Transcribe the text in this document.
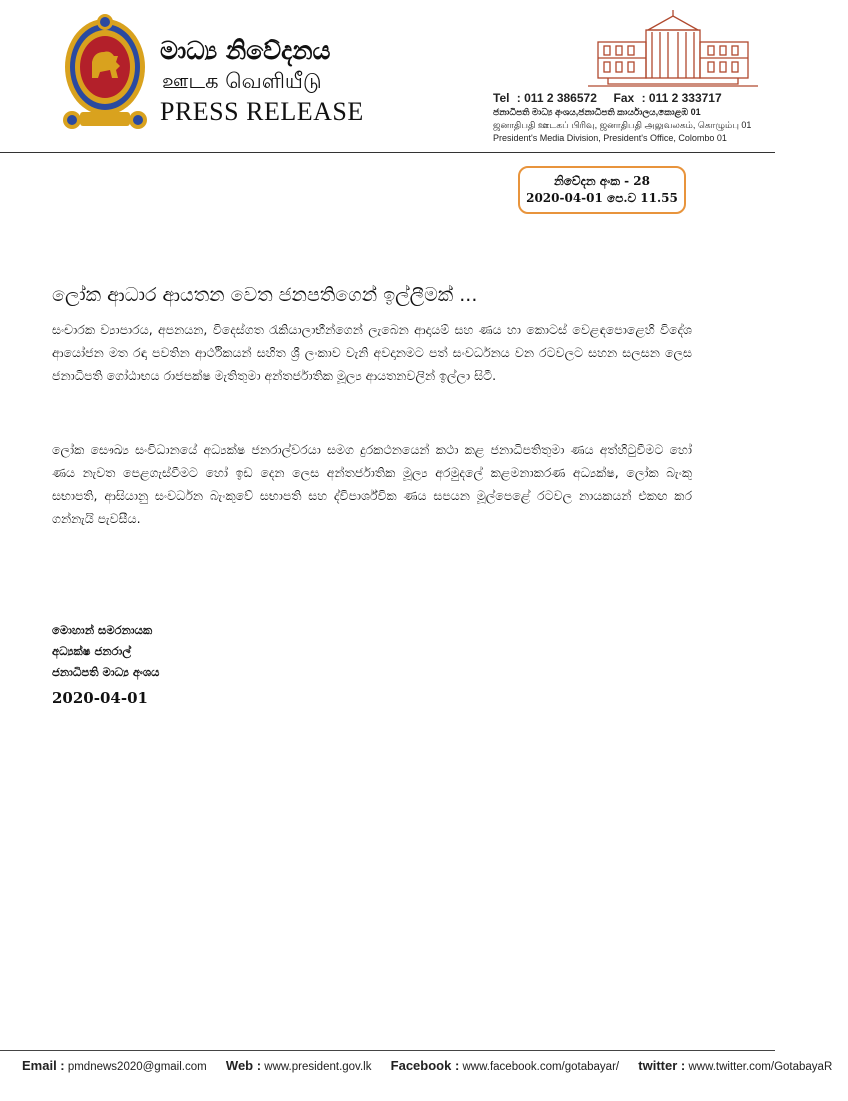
මාධ්‍ය නිවේදනය
ஊடக வெளியீடு
PRESS RELEASE	Tel : 011 2 386572 Fax : 011 2 333717
ජනාධිපති මාධ්‍ය අංශය,ජනාධිපති කාර්යාලය,කොළඹ 01
ஜனாதிபதி ஊடகப் பிரிவு, ஜனாதிபதி அலுவலகம், கொழும்பு 01
President's Media Division, President's Office, Colombo 01
නිවේදන අංක - 28
2020-04-01 පෙ.ව 11.55
ලෝක ආධාර ආයතන වෙත ජනපතිගෙන් ඉල්ලීමක් ...
සංචාරක ව්‍යාපාරය, අපනයන, විදෙස්ගත රැකියාලාභීන්ගෙන් ලැබෙන ආදායම් සහ ණය හා කොටස් වෙළඳපොළෙහි විදේශ ආයෝජන මත රඳා පවතින ආර්ථිකයන් සහිත ශ්‍රී ලංකාව වැනි අවදානමට පත් සංවර්ධනය වන රටවලට සහන සලසන ලෙස ජනාධිපති ගෝඨාභය රාජපක්ෂ මැතිතුමා අන්තර්ජාතික මූල්‍ය ආයතනවලින් ඉල්ලා සිටී.
ලෝක සෞඛ්‍ය සංවිධානයේ අධ්‍යක්ෂ ජනරාල්වරයා සමග දුරකථනයෙන් කථා කළ ජනාධිපතිතුමා ණය අත්හිටුවීමට හෝ ණය නැවත පෙළගැස්වීමට හෝ ඉඩ දෙන ලෙස අන්තර්ජාතික මූල්‍ය අරමුදලේ කළමනාකරණ අධ්‍යක්ෂ, ලෝක බැංකු සභාපති, ආසියානු සංවර්ධන බැංකුවේ සභාපති සහ ද්විපාර්ශ්වික ණය සපයන මූල්පෙළේ රටවල නායකයන් එකඟ කර ගන්නැයි පැවසීය.
මොහාන් සමරනායක
අධ්‍යක්ෂ ජනරාල්
ජනාධිපති මාධ්‍ය අංශය
2020-04-01
Email : pmdnews2020@gmail.com Web : www.president.gov.lk Facebook : www.facebook.com/gotabayar/ twitter : www.twitter.com/GotabayaR
